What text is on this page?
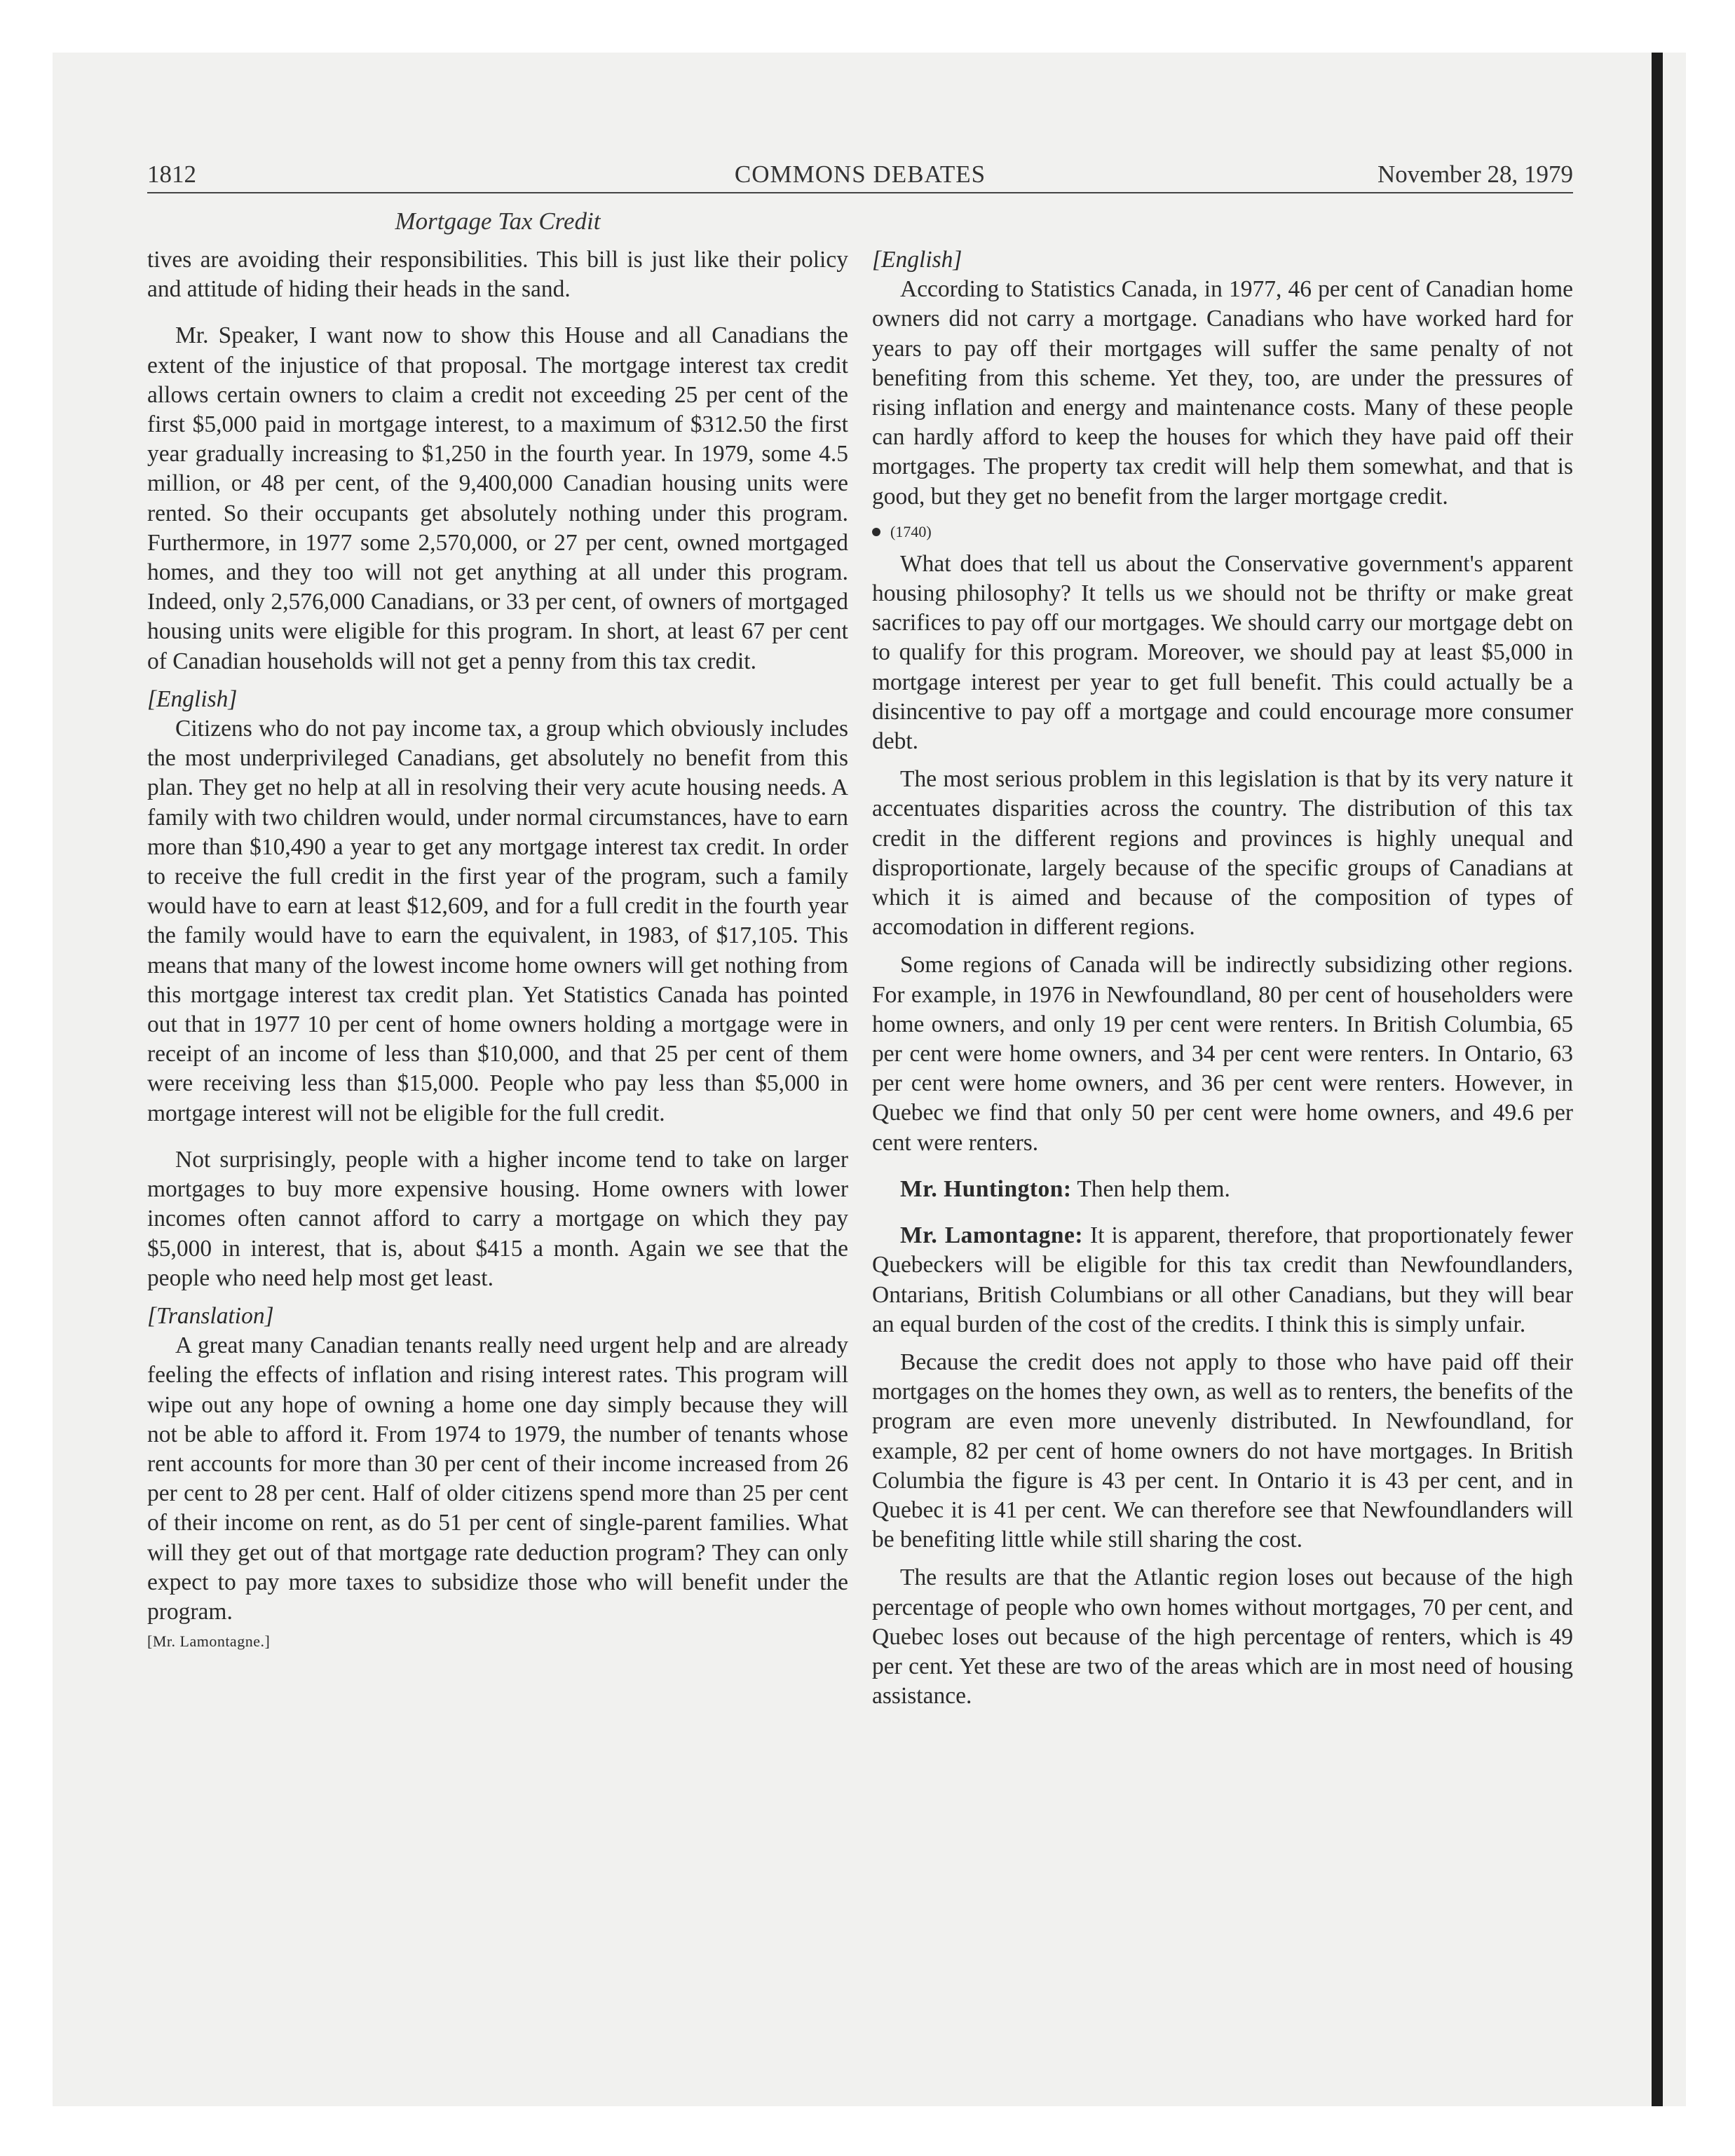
1812	COMMONS DEBATES	November 28, 1979
Mortgage Tax Credit

tives are avoiding their responsibilities. This bill is just like their policy and attitude of hiding their heads in the sand.

Mr. Speaker, I want now to show this House and all Canadians the extent of the injustice of that proposal. The mortgage interest tax credit allows certain owners to claim a credit not exceeding 25 per cent of the first $5,000 paid in mortgage interest, to a maximum of $312.50 the first year gradually increasing to $1,250 in the fourth year. In 1979, some 4.5 million, or 48 per cent, of the 9,400,000 Canadian housing units were rented. So their occupants get absolutely nothing under this program. Furthermore, in 1977 some 2,570,000, or 27 per cent, owned mortgaged homes, and they too will not get anything at all under this program. Indeed, only 2,576,000 Canadians, or 33 per cent, of owners of mortgaged housing units were eligible for this program. In short, at least 67 per cent of Canadian households will not get a penny from this tax credit.

[English]

Citizens who do not pay income tax, a group which obviously includes the most underprivileged Canadians, get absolutely no benefit from this plan. They get no help at all in resolving their very acute housing needs. A family with two children would, under normal circumstances, have to earn more than $10,490 a year to get any mortgage interest tax credit. In order to receive the full credit in the first year of the program, such a family would have to earn at least $12,609, and for a full credit in the fourth year the family would have to earn the equivalent, in 1983, of $17,105. This means that many of the lowest income home owners will get nothing from this mortgage interest tax credit plan. Yet Statistics Canada has pointed out that in 1977 10 per cent of home owners holding a mortgage were in receipt of an income of less than $10,000, and that 25 per cent of them were receiving less than $15,000. People who pay less than $5,000 in mortgage interest will not be eligible for the full credit.

Not surprisingly, people with a higher income tend to take on larger mortgages to buy more expensive housing. Home owners with lower incomes often cannot afford to carry a mortgage on which they pay $5,000 in interest, that is, about $415 a month. Again we see that the people who need help most get least.

[Translation]

A great many Canadian tenants really need urgent help and are already feeling the effects of inflation and rising interest rates. This program will wipe out any hope of owning a home one day simply because they will not be able to afford it. From 1974 to 1979, the number of tenants whose rent accounts for more than 30 per cent of their income increased from 26 per cent to 28 per cent. Half of older citizens spend more than 25 per cent of their income on rent, as do 51 per cent of single-parent families. What will they get out of that mortgage rate deduction program? They can only expect to pay more taxes to subsidize those who will benefit under the program.

[Mr. Lamontagne.]

[English]

According to Statistics Canada, in 1977, 46 per cent of Canadian home owners did not carry a mortgage. Canadians who have worked hard for years to pay off their mortgages will suffer the same penalty of not benefiting from this scheme. Yet they, too, are under the pressures of rising inflation and energy and maintenance costs. Many of these people can hardly afford to keep the houses for which they have paid off their mortgages. The property tax credit will help them somewhat, and that is good, but they get no benefit from the larger mortgage credit.

(1740)

What does that tell us about the Conservative government's apparent housing philosophy? It tells us we should not be thrifty or make great sacrifices to pay off our mortgages. We should carry our mortgage debt on to qualify for this program. Moreover, we should pay at least $5,000 in mortgage interest per year to get full benefit. This could actually be a disincentive to pay off a mortgage and could encourage more consumer debt.

The most serious problem in this legislation is that by its very nature it accentuates disparities across the country. The distribution of this tax credit in the different regions and provinces is highly unequal and disproportionate, largely because of the specific groups of Canadians at which it is aimed and because of the composition of types of accomodation in different regions.

Some regions of Canada will be indirectly subsidizing other regions. For example, in 1976 in Newfoundland, 80 per cent of householders were home owners, and only 19 per cent were renters. In British Columbia, 65 per cent were home owners, and 34 per cent were renters. In Ontario, 63 per cent were home owners, and 36 per cent were renters. However, in Quebec we find that only 50 per cent were home owners, and 49.6 per cent were renters.

Mr. Huntington: Then help them.

Mr. Lamontagne: It is apparent, therefore, that proportionately fewer Quebeckers will be eligible for this tax credit than Newfoundlanders, Ontarians, British Columbians or all other Canadians, but they will bear an equal burden of the cost of the credits. I think this is simply unfair.

Because the credit does not apply to those who have paid off their mortgages on the homes they own, as well as to renters, the benefits of the program are even more unevenly distributed. In Newfoundland, for example, 82 per cent of home owners do not have mortgages. In British Columbia the figure is 43 per cent. In Ontario it is 43 per cent, and in Quebec it is 41 per cent. We can therefore see that Newfoundlanders will be benefiting little while still sharing the cost.

The results are that the Atlantic region loses out because of the high percentage of people who own homes without mortgages, 70 per cent, and Quebec loses out because of the high percentage of renters, which is 49 per cent. Yet these are two of the areas which are in most need of housing assistance.
